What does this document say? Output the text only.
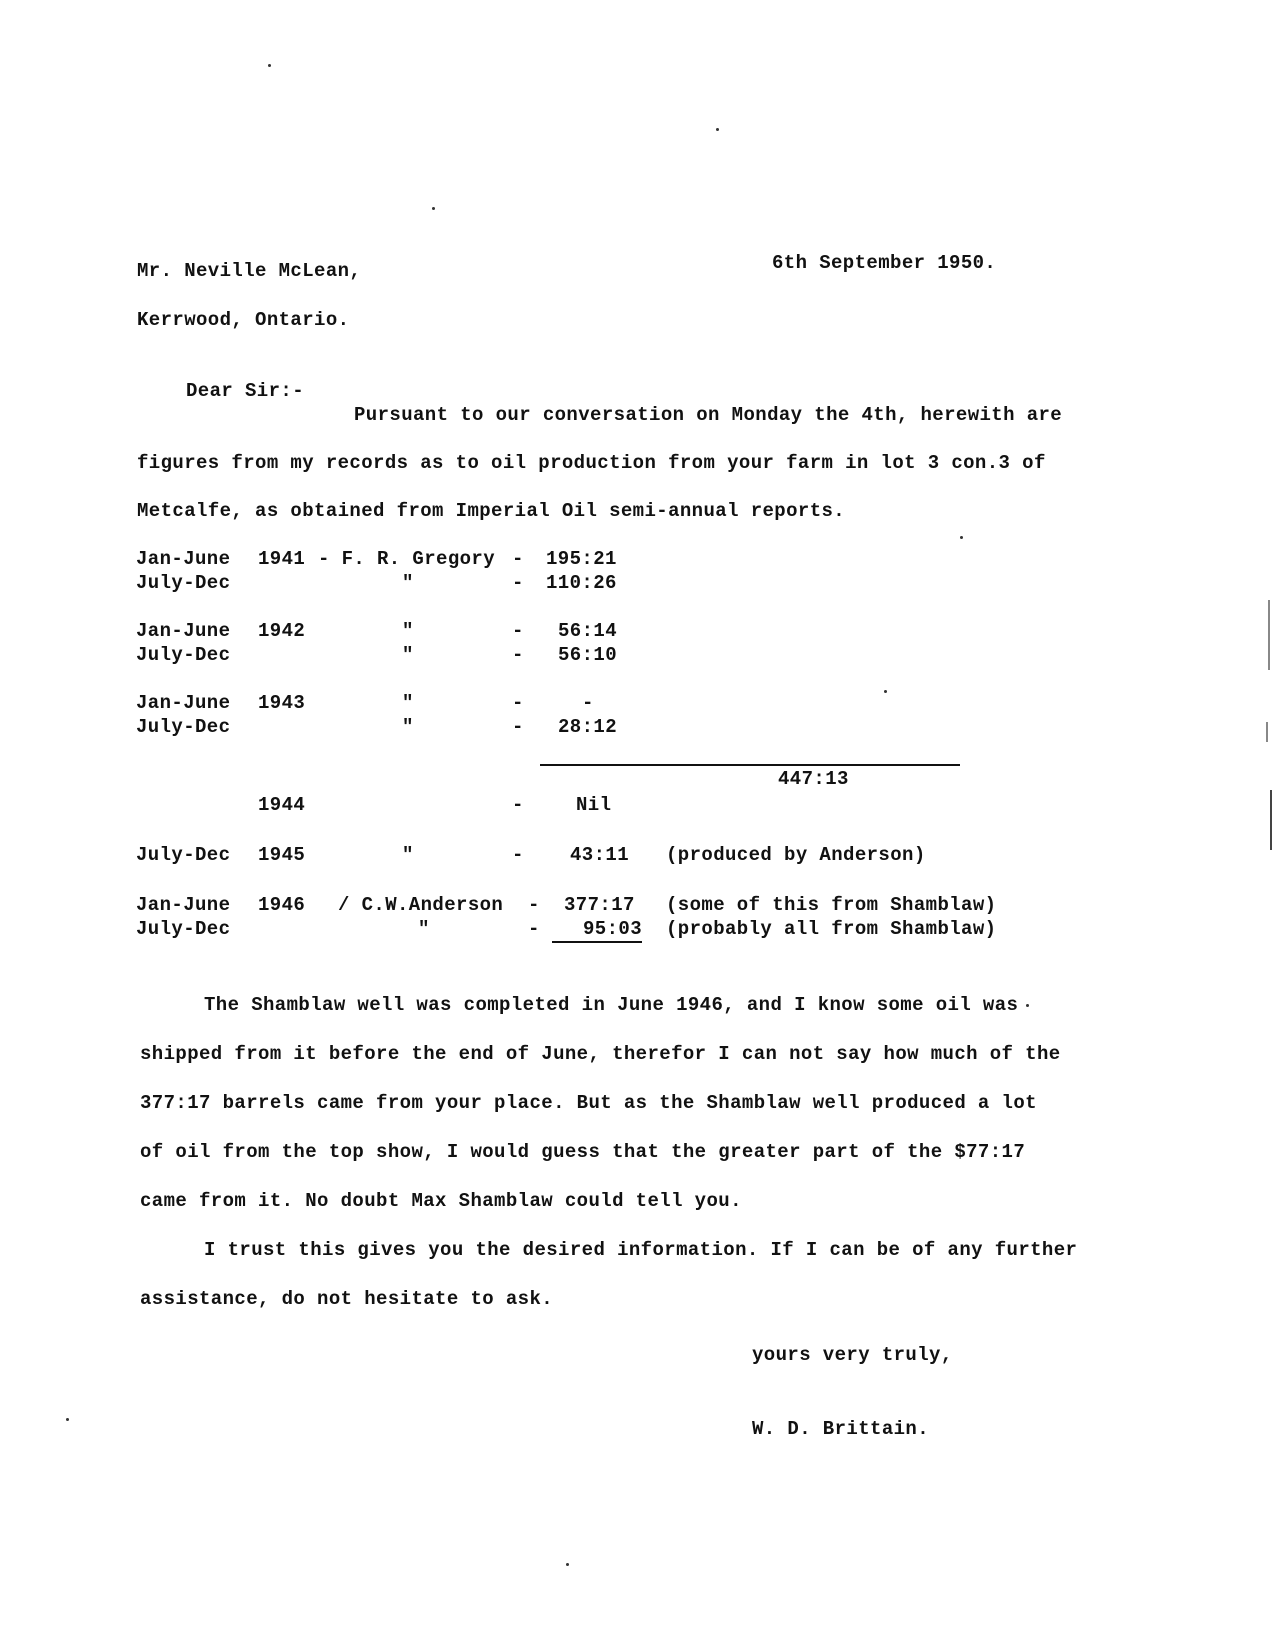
6th September 1950.
Mr. Neville McLean,
Kerrwood, Ontario.
Dear Sir:-
Pursuant to our conversation on Monday the 4th, herewith are
figures from my records as to oil production from your farm in lot 3 con.3 of
Metcalfe, as obtained from Imperial Oil semi-annual reports.
Jan-June 1941 - F. R. Gregory - 195:21
July-Dec	"	- 110:26
Jan-June 1942	"	- 56:14
July-Dec	"	- 56:10
Jan-June 1943	"	-	-
July-Dec	"	- 28:12
447:13
1944	-	Nil
July-Dec 1945	"	- 43:11 (produced by Anderson)
Jan-June 1946 / C.W.Anderson - 377:17 (some of this from Shamblaw)
July-Dec	"	-	95:03 (probably all from Shamblaw)
The Shamblaw well was completed in June 1946, and I know some oil was
shipped from it before the end of June, therefor I can not say how much of the
377:17 barrels came from your place. But as the Shamblaw well produced a lot
of oil from the top show, I would guess that the greater part of the $77:17
came from it. No doubt Max Shamblaw could tell you.
I trust this gives you the desired information. If I can be of any further
assistance, do not hesitate to ask.
yours very truly,
W. D. Brittain.
